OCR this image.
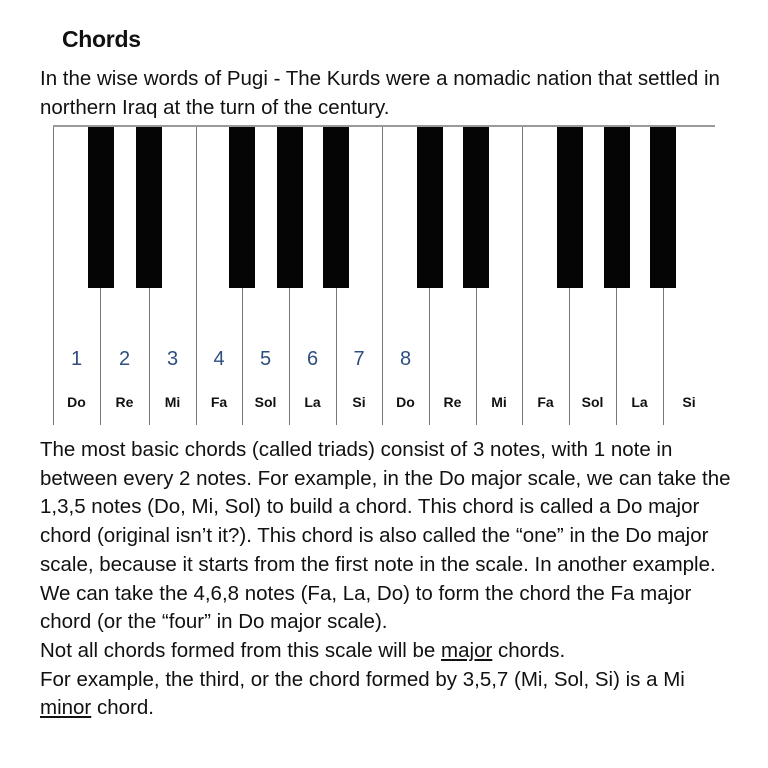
Chords
In the wise words of Pugi - The Kurds were a nomadic nation that settled in northern Iraq at the turn of the century.
Do	Re	Mi	Fa	Sol	La	Si	Do	Re	Mi	Fa	Sol	La	Si
1	2	3	4	5	6	7	8

The most basic chords (called triads) consist of 3 notes, with 1 note in between every 2 notes. For example, in the Do major scale, we can take the 1,3,5 notes (Do, Mi, Sol) to build a chord. This chord is called a Do major chord (original isn’t it?). This chord is also called the “one” in the Do major scale, because it starts from the first note in the scale. In another example. We can take the 4,6,8 notes (Fa, La, Do) to form the chord the Fa major chord (or the “four” in Do major scale).

Not all chords formed from this scale will be major chords.

For example, the third, or the chord formed by 3,5,7 (Mi, Sol, Si) is a Mi minor chord.
